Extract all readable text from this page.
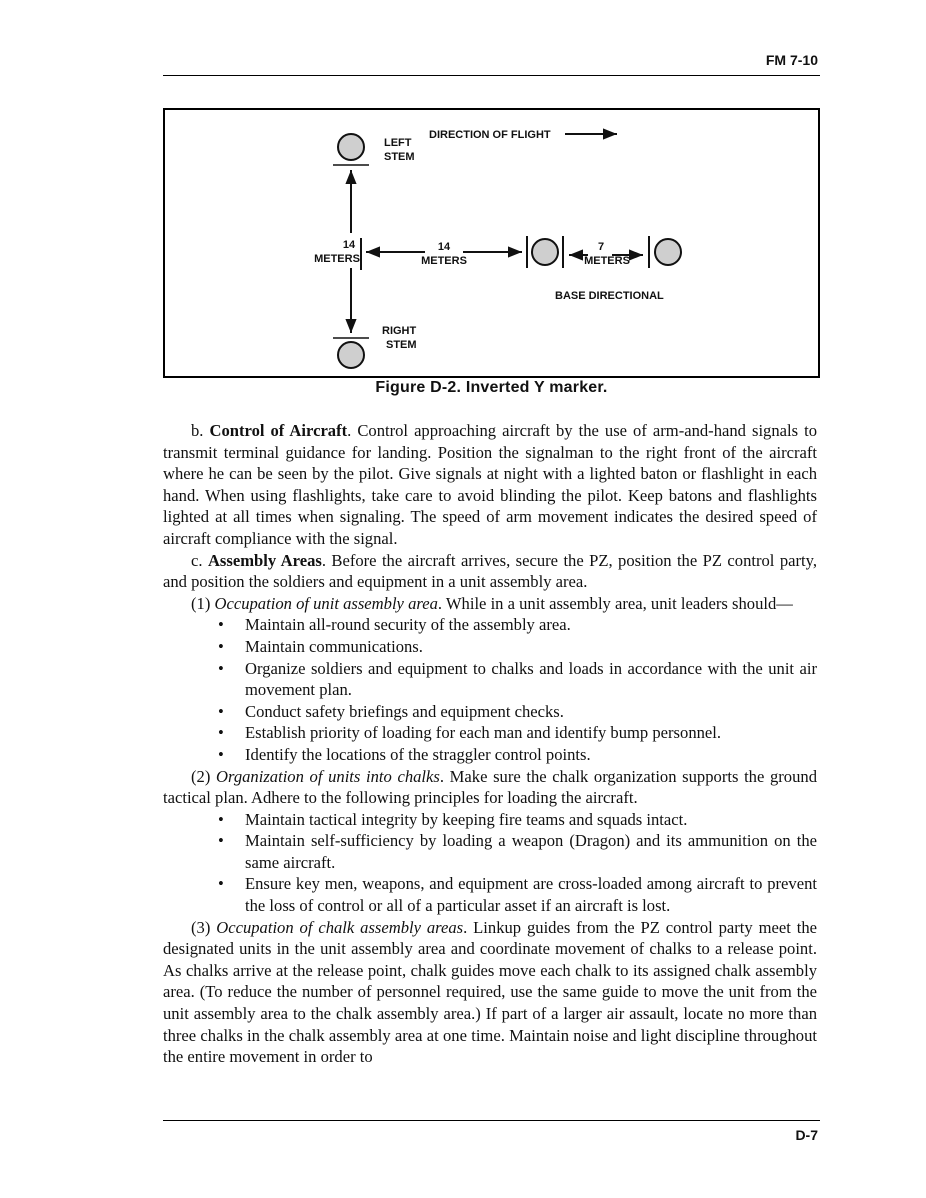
FM 7-10
LEFT
STEM
DIRECTION OF FLIGHT
14
METERS
14
METERS
7
METERS
BASE DIRECTIONAL
RIGHT
STEM
Figure D-2. Inverted Y marker.

b. Control of Aircraft. Control approaching aircraft by the use of arm-and-hand signals to transmit terminal guidance for landing. Position the signalman to the right front of the aircraft where he can be seen by the pilot. Give signals at night with a lighted baton or flashlight in each hand. When using flashlights, take care to avoid blinding the pilot. Keep batons and flashlights lighted at all times when signaling. The speed of arm movement indicates the desired speed of aircraft compliance with the signal.

c. Assembly Areas. Before the aircraft arrives, secure the PZ, position the PZ control party, and position the soldiers and equipment in a unit assembly area.

(1) Occupation of unit assembly area. While in a unit assembly area, unit leaders should—

• Maintain all-round security of the assembly area.
• Maintain communications.
• Organize soldiers and equipment to chalks and loads in accordance with the unit air movement plan.
• Conduct safety briefings and equipment checks.
• Establish priority of loading for each man and identify bump personnel.
• Identify the locations of the straggler control points.

(2) Organization of units into chalks. Make sure the chalk organization supports the ground tactical plan. Adhere to the following principles for loading the aircraft.

• Maintain tactical integrity by keeping fire teams and squads intact.
• Maintain self-sufficiency by loading a weapon (Dragon) and its ammunition on the same aircraft.
• Ensure key men, weapons, and equipment are cross-loaded among aircraft to prevent the loss of control or all of a particular asset if an aircraft is lost.

(3) Occupation of chalk assembly areas. Linkup guides from the PZ control party meet the designated units in the unit assembly area and coordinate movement of chalks to a release point. As chalks arrive at the release point, chalk guides move each chalk to its assigned chalk assembly area. (To reduce the number of personnel required, use the same guide to move the unit from the unit assembly area to the chalk assembly area.) If part of a larger air assault, locate no more than three chalks in the chalk assembly area at one time. Maintain noise and light discipline throughout the entire movement in order to

D-7
